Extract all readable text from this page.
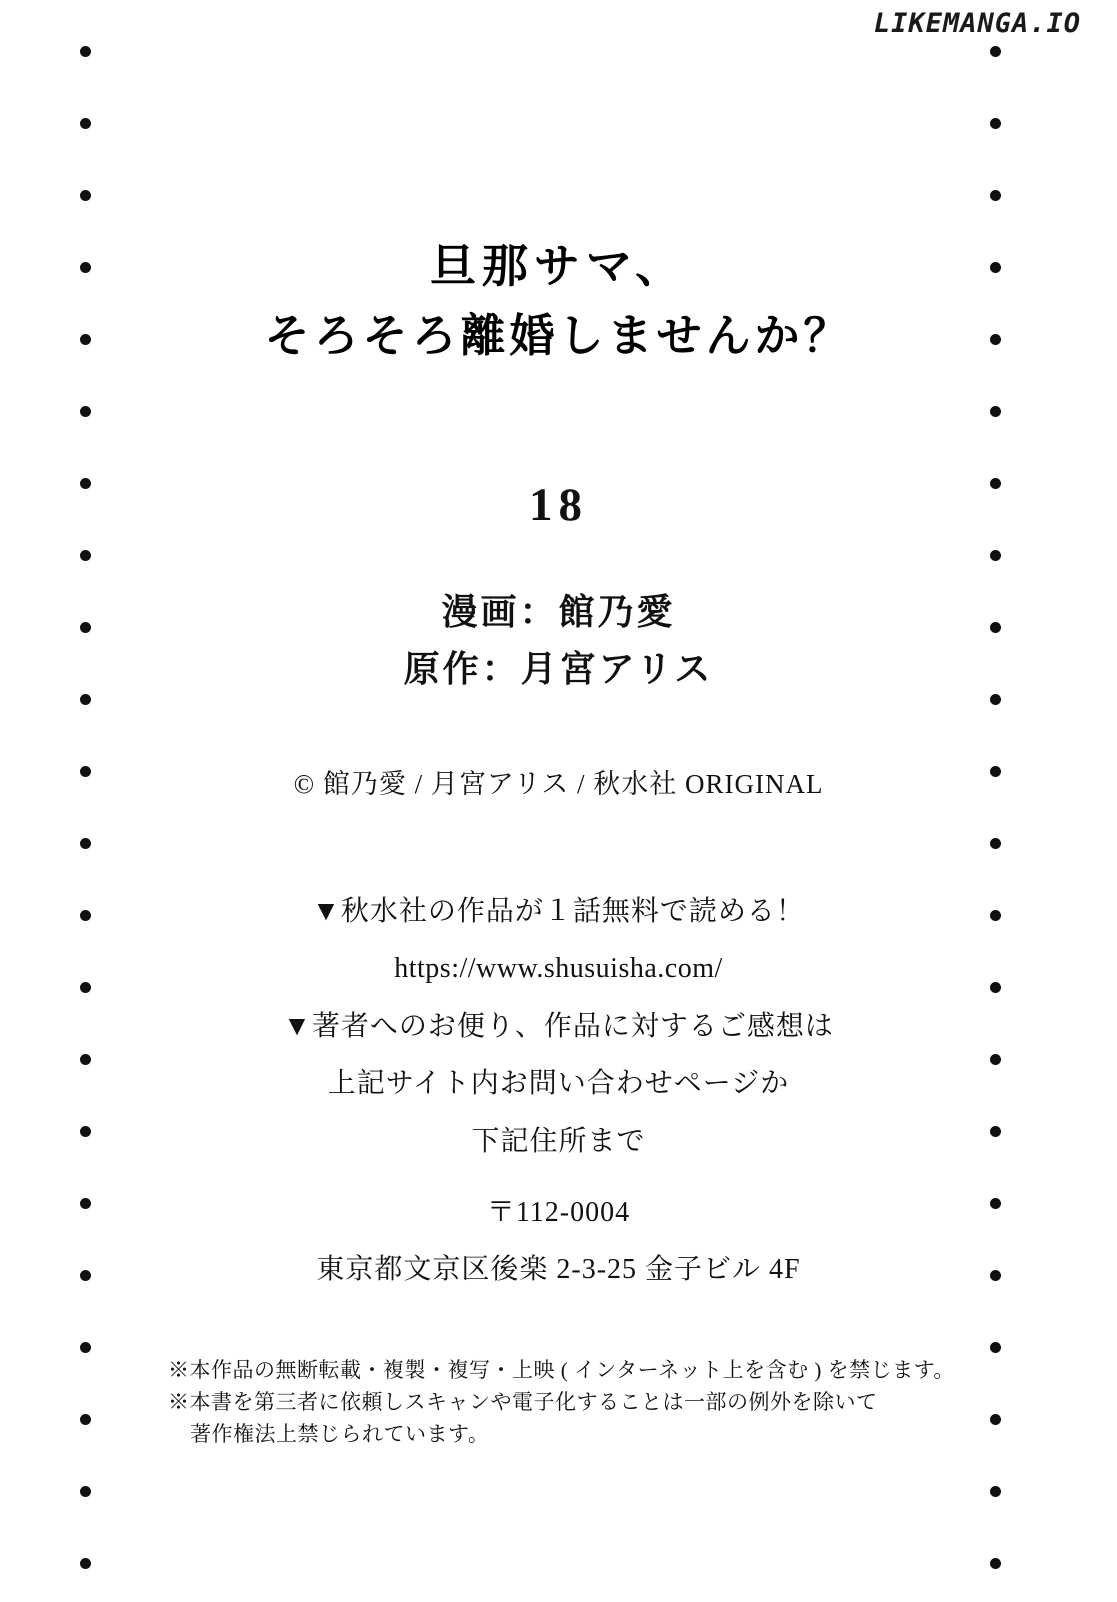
LIKEMANGA.IO
旦那サマ、
そろそろ離婚しませんか？
18
漫画：館乃愛
原作：月宮アリス
© 館乃愛 / 月宮アリス / 秋水社 ORIGINAL
▼秋水社の作品が１話無料で読める！
https://www.shusuisha.com/
▼著者へのお便り、作品に対するご感想は
上記サイト内お問い合わせページか
下記住所まで
〒112-0004
東京都文京区後楽 2-3-25 金子ビル 4F
※本作品の無断転載・複製・複写・上映 ( インターネット上を含む ) を禁じます。
※本書を第三者に依頼しスキャンや電子化することは一部の例外を除いて
著作権法上禁じられています。
